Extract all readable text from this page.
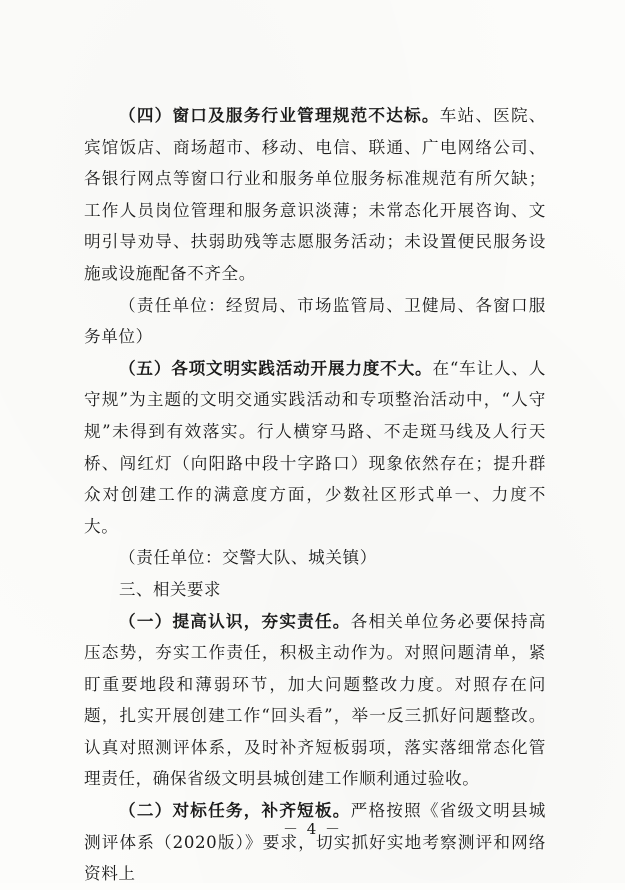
（四）窗口及服务行业管理规范不达标。车站、医院、宾馆饭店、商场超市、移动、电信、联通、广电网络公司、各银行网点等窗口行业和服务单位服务标准规范有所欠缺；工作人员岗位管理和服务意识淡薄；未常态化开展咨询、文明引导劝导、扶弱助残等志愿服务活动；未设置便民服务设施或设施配备不齐全。

（责任单位：经贸局、市场监管局、卫健局、各窗口服务单位）

（五）各项文明实践活动开展力度不大。在“车让人、人守规”为主题的文明交通实践活动和专项整治活动中，“人守规”未得到有效落实。行人横穿马路、不走斑马线及人行天桥、闯红灯（向阳路中段十字路口）现象依然存在；提升群众对创建工作的满意度方面，少数社区形式单一、力度不大。

（责任单位：交警大队、城关镇）

三、相关要求

（一）提高认识，夯实责任。各相关单位务必要保持高压态势，夯实工作责任，积极主动作为。对照问题清单，紧盯重要地段和薄弱环节，加大问题整改力度。对照存在问题，扎实开展创建工作“回头看”，举一反三抓好问题整改。认真对照测评体系，及时补齐短板弱项，落实落细常态化管理责任，确保省级文明县城创建工作顺利通过验收。

（二）对标任务，补齐短板。严格按照《省级文明县城测评体系（2020版）》要求，切实抓好实地考察测评和网络资料上

－ 4 －
